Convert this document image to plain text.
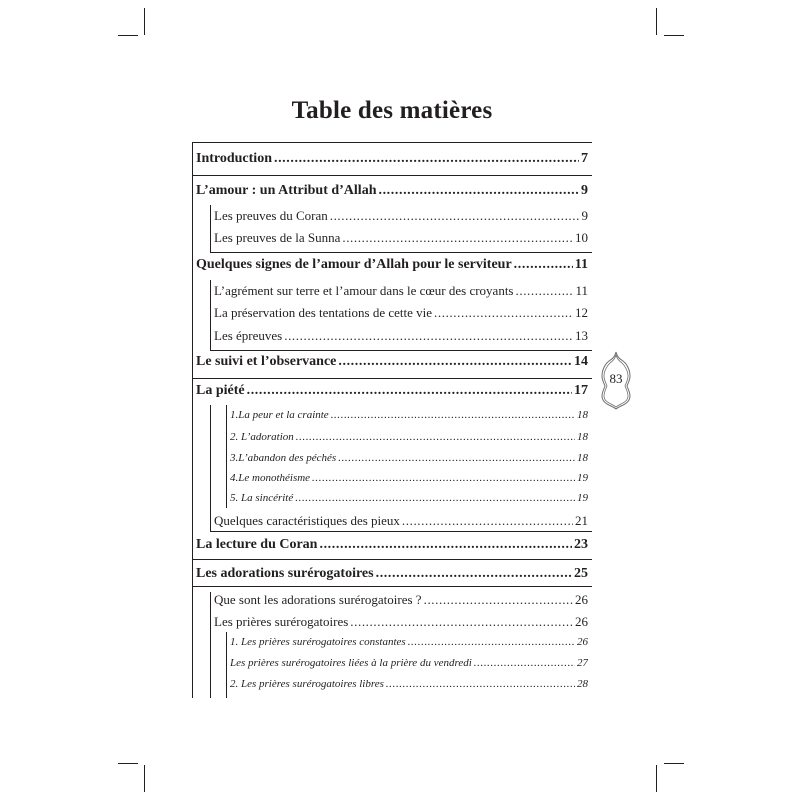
Table des matières
Introduction .....	7
L’amour : un Attribut d’Allah .....	9
Les preuves du Coran .....	9
Les preuves de la Sunna .....	10
Quelques signes de l’amour d’Allah pour le serviteur .....	11
L’agrément sur terre et l’amour dans le cœur des croyants .....	11
La préservation des tentations de cette vie .....	12
Les épreuves .....	13
Le suivi et l’observance .....	14
La piété .....	17
1.La peur et la crainte .....	18
2. L’adoration .....	18
3.L’abandon des péchés .....	18
4.Le monothéisme .....	19
5. La sincérité .....	19
Quelques caractéristiques des pieux .....	21
La lecture du Coran .....	23
Les adorations surérogatoires .....	25
Que sont les adorations surérogatoires ? .....	26
Les prières surérogatoires .....	26
1. Les prières surérogatoires constantes .....	26
Les prières surérogatoires liées à la prière du vendredi .....	27
2. Les prières surérogatoires libres .....	28
83
